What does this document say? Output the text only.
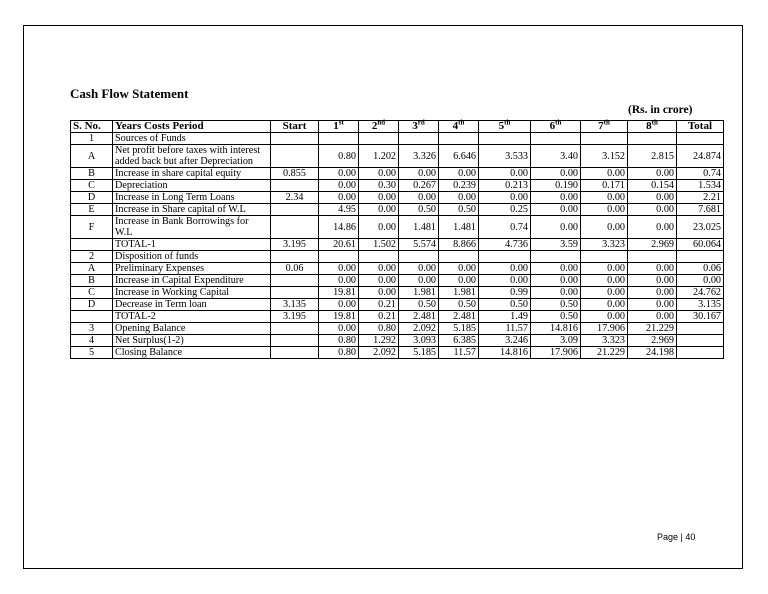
Cash Flow Statement
(Rs. in crore)
S. No.	Years Costs Period	Start	1st	2nd	3rd	4th	5th	6th	7th	8th	Total
1	Sources of Funds										
A	Net profit before taxes with interest added back but after Depreciation		0.80	1.202	3.326	6.646	3.533	3.40	3.152	2.815	24.874
B	Increase in share capital equity	0.855	0.00	0.00	0.00	0.00	0.00	0.00	0.00	0.00	0.74
C	Depreciation		0.00	0.30	0.267	0.239	0.213	0.190	0.171	0.154	1.534
D	Increase in Long Term Loans	2.34	0.00	0.00	0.00	0.00	0.00	0.00	0.00	0.00	2.21
E	Increase in Share capital of W.L		4.95	0.00	0.50	0.50	0.25	0.00	0.00	0.00	7.681
F	Increase in Bank Borrowings for W.L		14.86	0.00	1.481	1.481	0.74	0.00	0.00	0.00	23.025
	TOTAL-1	3.195	20.61	1.502	5.574	8.866	4.736	3.59	3.323	2.969	60.064
2	Disposition of funds										
A	Preliminary Expenses	0.06	0.00	0.00	0.00	0.00	0.00	0.00	0.00	0.00	0.06
B	Increase in Capital Expenditure		0.00	0.00	0.00	0.00	0.00	0.00	0.00	0.00	0.00
C	Increase in Working Capital		19.81	0.00	1.981	1.981	0.99	0.00	0.00	0.00	24.762
D	Decrease in Term loan	3.135	0.00	0.21	0.50	0.50	0.50	0.50	0.00	0.00	3.135
	TOTAL-2	3.195	19.81	0.21	2.481	2.481	1.49	0.50	0.00	0.00	30.167
3	Opening Balance		0.00	0.80	2.092	5.185	11.57	14.816	17.906	21.229	
4	Net Surplus(1-2)		0.80	1.292	3.093	6.385	3.246	3.09	3.323	2.969	
5	Closing Balance		0.80	2.092	5.185	11.57	14.816	17.906	21.229	24.198	
Page | 40
